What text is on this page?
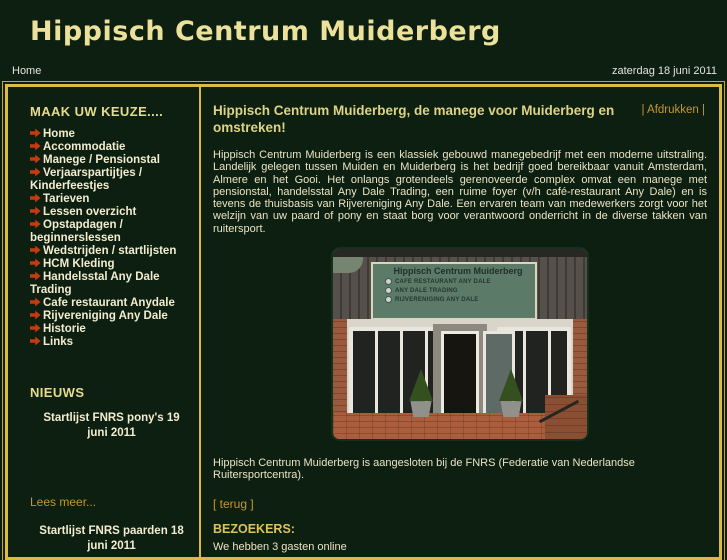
Hippisch Centrum Muiderberg
Home	zaterdag 18 juni 2011
MAAK UW KEUZE....
Home
Accommodatie
Manege / Pensionstal
Verjaarspartijtjes / Kinderfeestjes
Tarieven
Lessen overzicht
Opstapdagen / beginnerslessen
Wedstrijden / startlijsten
HCM Kleding
Handelsstal Any Dale Trading
Cafe restaurant Anydale
Rijvereniging Any Dale
Historie
Links
NIEUWS
Startlijst FNRS pony's 19 juni 2011
Lees meer...
Startlijst FNRS paarden 18 juni 2011
Hippisch Centrum Muiderberg, de manege voor Muiderberg en omstreken!
| Afdrukken |

Hippisch Centrum Muiderberg is een klassiek gebouwd manegebedrijf met een moderne uitstraling. Landelijk gelegen tussen Muiden en Muiderberg is het bedrijf goed bereikbaar vanuit Amsterdam, Almere en het Gooi. Het onlangs grotendeels gerenoveerde complex omvat een manege met pensionstal, handelsstal Any Dale Trading, een ruime foyer (v/h café-restaurant Any Dale) en is tevens de thuisbasis van Rijvereniging Any Dale. Een ervaren team van medewerkers zorgt voor het welzijn van uw paard of pony en staat borg voor verantwoord onderricht in de diverse takken van ruitersport.

Hippisch Centrum Muiderberg
CAFE RESTAURANT ANY DALE
ANY DALE TRADING
RIJVERENIGING ANY DALE
Hippisch Centrum Muiderberg is aangesloten bij de FNRS (Federatie van Nederlandse Ruitersportcentra).
[ terug ]
BEZOEKERS:
We hebben 3 gasten online
